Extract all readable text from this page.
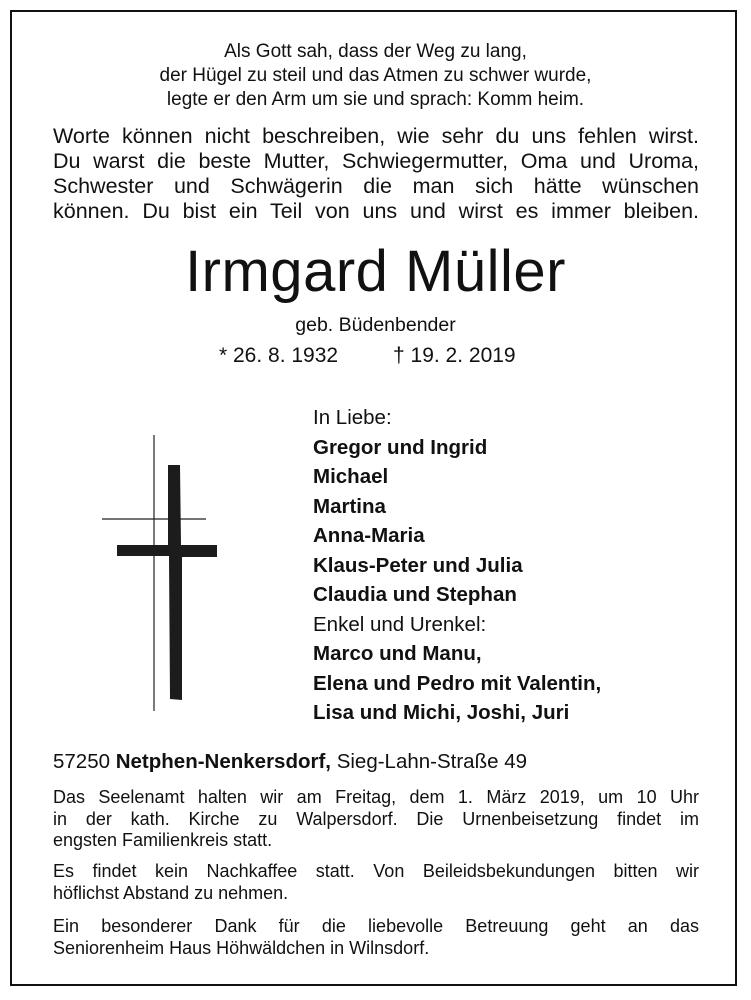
Als Gott sah, dass der Weg zu lang,
der Hügel zu steil und das Atmen zu schwer wurde,
legte er den Arm um sie und sprach: Komm heim.
Worte können nicht beschreiben, wie sehr du uns fehlen wirst.
Du warst die beste Mutter, Schwiegermutter, Oma und Uroma,
Schwester und Schwägerin die man sich hätte wünschen
können. Du bist ein Teil von uns und wirst es immer bleiben.
Irmgard Müller
geb. Büdenbender
* 26. 8. 1932	† 19. 2. 2019
In Liebe:
Gregor und Ingrid
Michael
Martina
Anna-Maria
Klaus-Peter und Julia
Claudia und Stephan
Enkel und Urenkel:
Marco und Manu,
Elena und Pedro mit Valentin,
Lisa und Michi, Joshi, Juri
57250 Netphen-Nenkersdorf, Sieg-Lahn-Straße 49
Das Seelenamt halten wir am Freitag, dem 1. März 2019, um 10 Uhr
in der kath. Kirche zu Walpersdorf. Die Urnenbeisetzung findet im
engsten Familienkreis statt.
Es findet kein Nachkaffee statt. Von Beileidsbekundungen bitten wir
höflichst Abstand zu nehmen.
Ein besonderer Dank für die liebevolle Betreuung geht an das
Seniorenheim Haus Höhwäldchen in Wilnsdorf.
